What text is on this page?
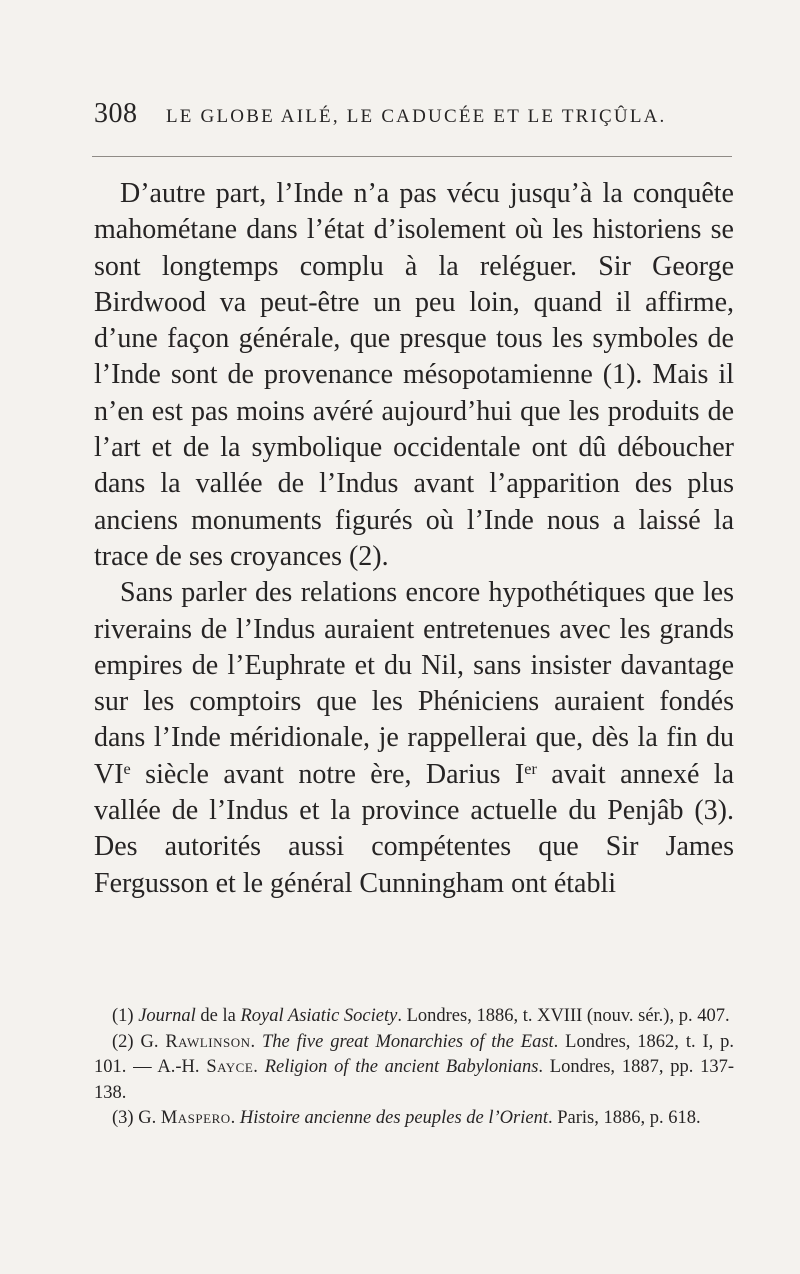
308	LE GLOBE AILÉ, LE CADUCÉE ET LE TRIÇÛLA.

D’autre part, l’Inde n’a pas vécu jusqu’à la conquête mahométane dans l’état d’isolement où les historiens se sont longtemps complu à la reléguer. Sir George Birdwood va peut-être un peu loin, quand il affirme, d’une façon générale, que presque tous les symboles de l’Inde sont de provenance mésopotamienne (1). Mais il n’en est pas moins avéré aujourd’hui que les produits de l’art et de la symbolique occidentale ont dû déboucher dans la vallée de l’Indus avant l’apparition des plus anciens monuments figurés où l’Inde nous a laissé la trace de ses croyances (2).

Sans parler des relations encore hypothétiques que les riverains de l’Indus auraient entretenues avec les grands empires de l’Euphrate et du Nil, sans insister davantage sur les comptoirs que les Phéniciens auraient fondés dans l’Inde méridionale, je rappellerai que, dès la fin du VIe siècle avant notre ère, Darius Ier avait annexé la vallée de l’Indus et la province actuelle du Penjâb (3). Des autorités aussi compétentes que Sir James Fergusson et le général Cunningham ont établi

(1) Journal de la Royal Asiatic Society. Londres, 1886, t. XVIII (nouv. sér.), p. 407.

(2) G. Rawlinson. The five great Monarchies of the East. Londres, 1862, t. I, p. 101. — A.-H. Sayce. Religion of the ancient Babylonians. Londres, 1887, pp. 137-138.

(3) G. Maspero. Histoire ancienne des peuples de l’Orient. Paris, 1886, p. 618.
